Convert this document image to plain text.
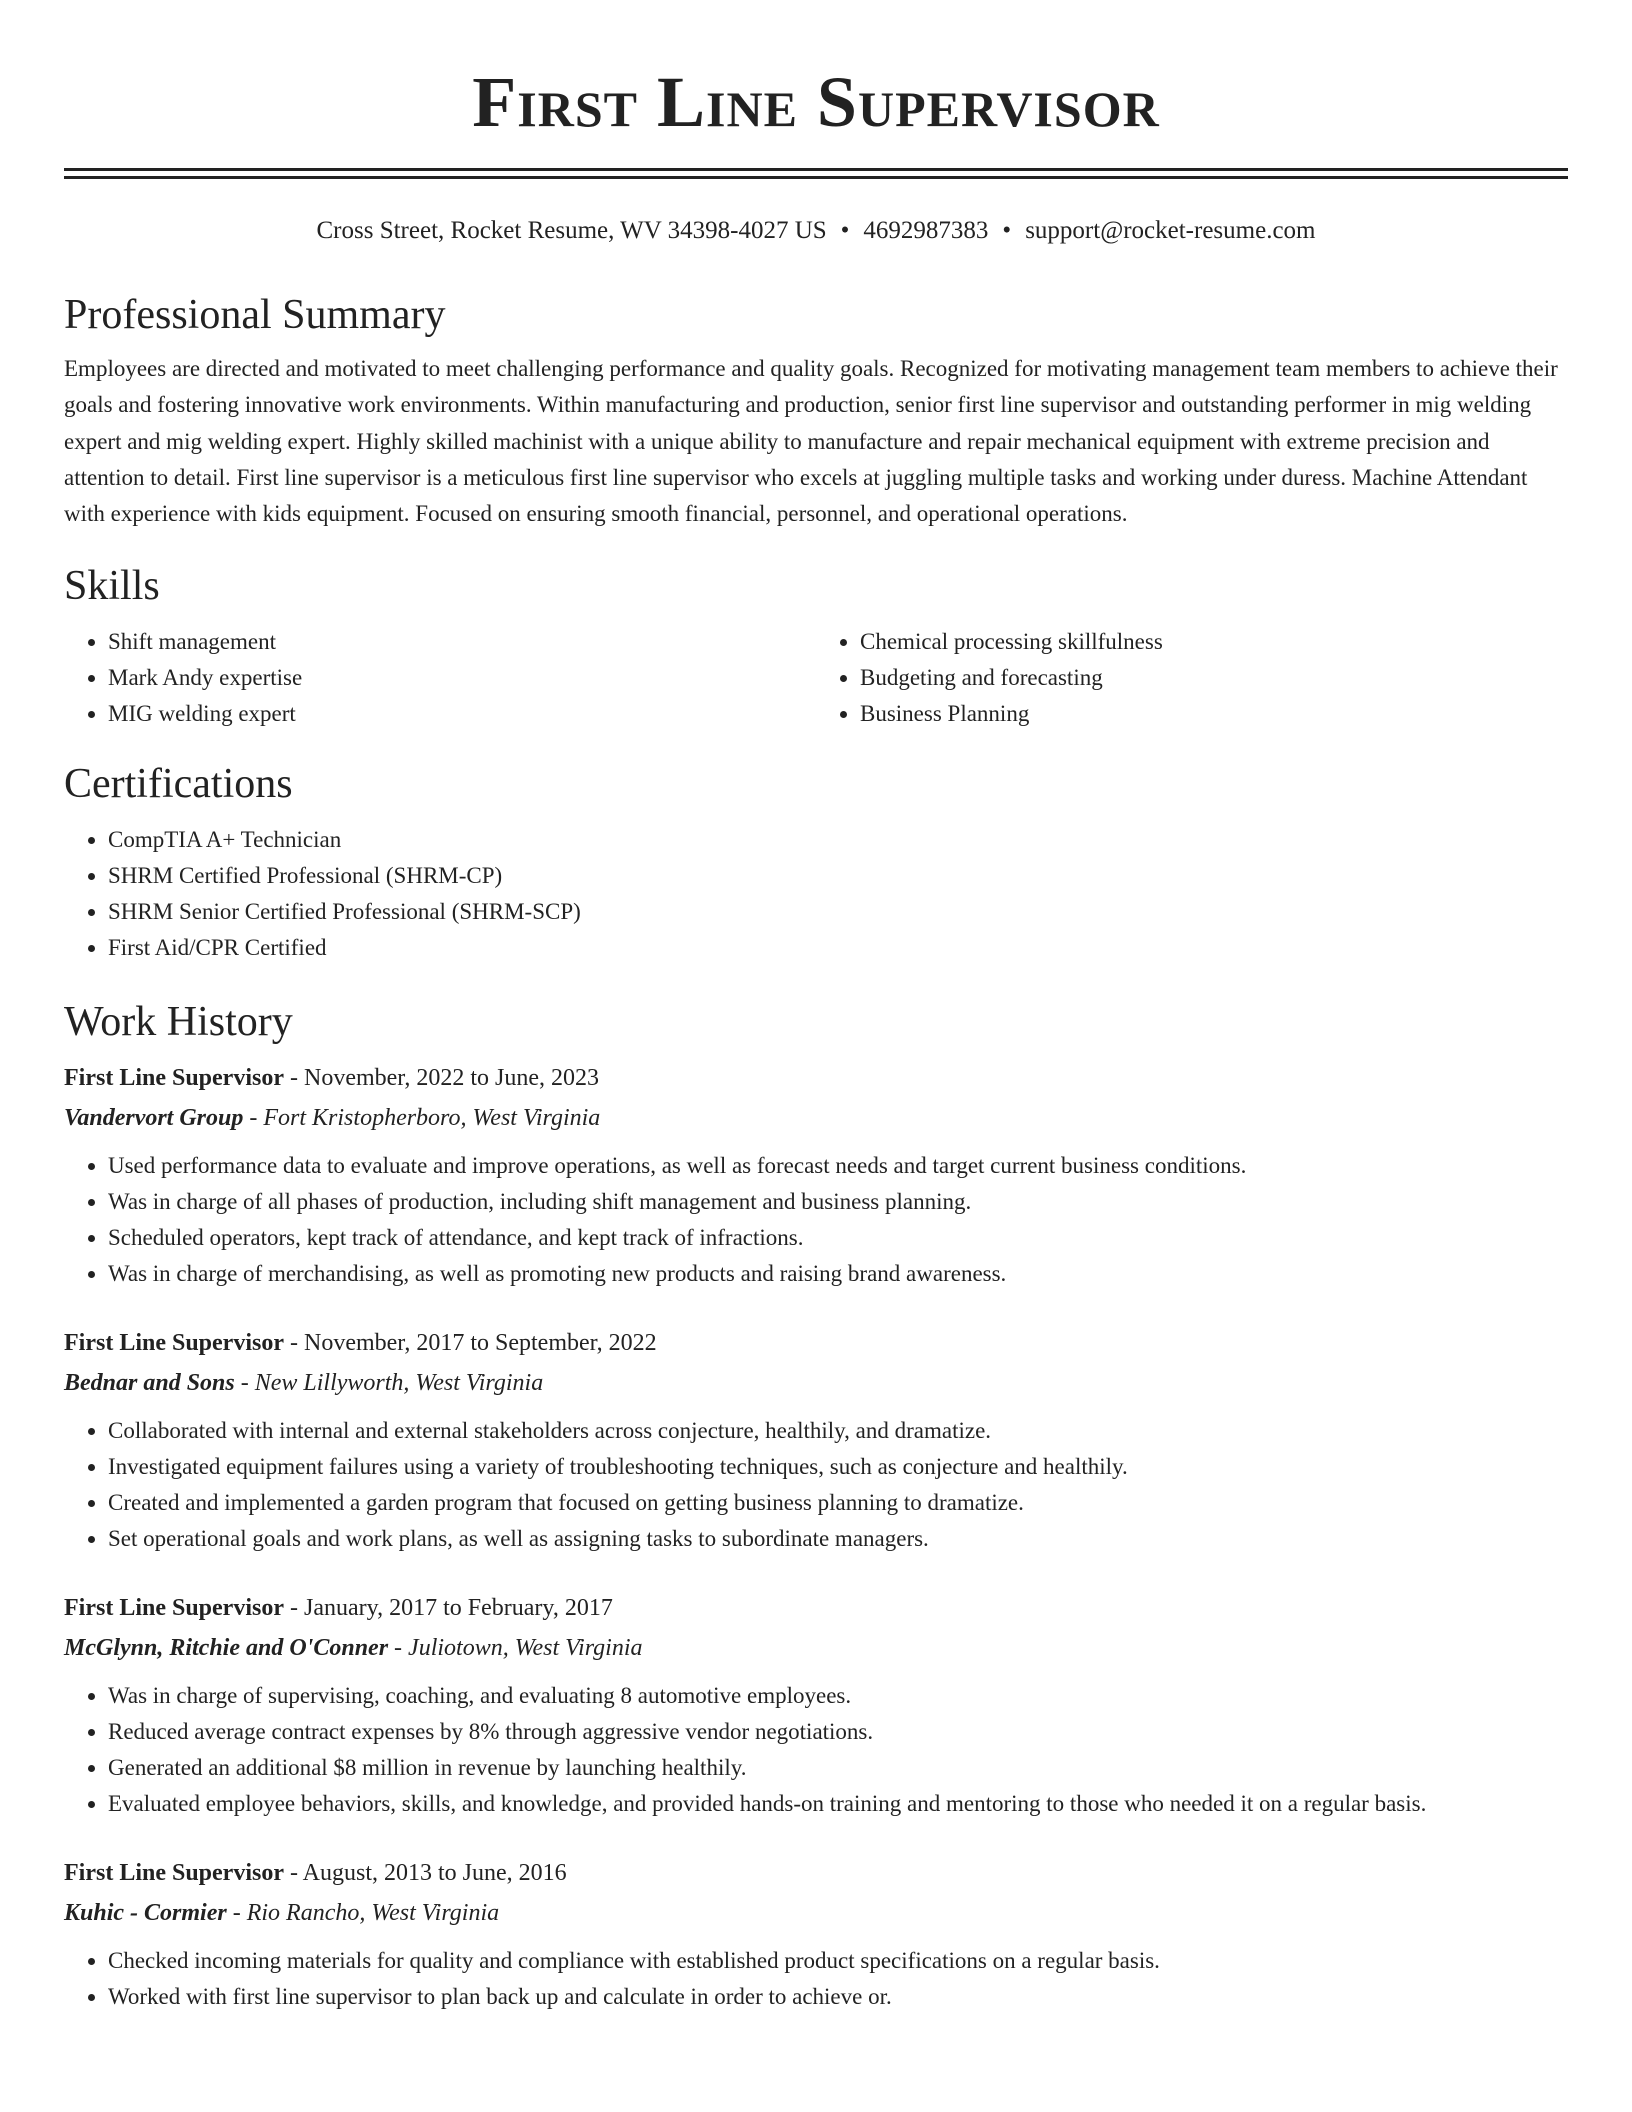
First Line Supervisor
Cross Street, Rocket Resume, WV 34398-4027 US • 4692987383 • support@rocket-resume.com
Professional Summary

Employees are directed and motivated to meet challenging performance and quality goals. Recognized for motivating management team members to achieve their goals and fostering innovative work environments. Within manufacturing and production, senior first line supervisor and outstanding performer in mig welding expert and mig welding expert. Highly skilled machinist with a unique ability to manufacture and repair mechanical equipment with extreme precision and attention to detail. First line supervisor is a meticulous first line supervisor who excels at juggling multiple tasks and working under duress. Machine Attendant with experience with kids equipment. Focused on ensuring smooth financial, personnel, and operational operations.

Skills
• Shift management
• Mark Andy expertise
• MIG welding expert
• Chemical processing skillfulness
• Budgeting and forecasting
• Business Planning
Certifications
• CompTIA A+ Technician
• SHRM Certified Professional (SHRM-CP)
• SHRM Senior Certified Professional (SHRM-SCP)
• First Aid/CPR Certified
Work History
First Line Supervisor - November, 2022 to June, 2023
Vandervort Group - Fort Kristopherboro, West Virginia
• Used performance data to evaluate and improve operations, as well as forecast needs and target current business conditions.
• Was in charge of all phases of production, including shift management and business planning.
• Scheduled operators, kept track of attendance, and kept track of infractions.
• Was in charge of merchandising, as well as promoting new products and raising brand awareness.
First Line Supervisor - November, 2017 to September, 2022
Bednar and Sons - New Lillyworth, West Virginia
• Collaborated with internal and external stakeholders across conjecture, healthily, and dramatize.
• Investigated equipment failures using a variety of troubleshooting techniques, such as conjecture and healthily.
• Created and implemented a garden program that focused on getting business planning to dramatize.
• Set operational goals and work plans, as well as assigning tasks to subordinate managers.
First Line Supervisor - January, 2017 to February, 2017
McGlynn, Ritchie and O'Conner - Juliotown, West Virginia
• Was in charge of supervising, coaching, and evaluating 8 automotive employees.
• Reduced average contract expenses by 8% through aggressive vendor negotiations.
• Generated an additional $8 million in revenue by launching healthily.
• Evaluated employee behaviors, skills, and knowledge, and provided hands-on training and mentoring to those who needed it on a regular basis.
First Line Supervisor - August, 2013 to June, 2016
Kuhic - Cormier - Rio Rancho, West Virginia
• Checked incoming materials for quality and compliance with established product specifications on a regular basis.
• Worked with first line supervisor to plan back up and calculate in order to achieve or.
